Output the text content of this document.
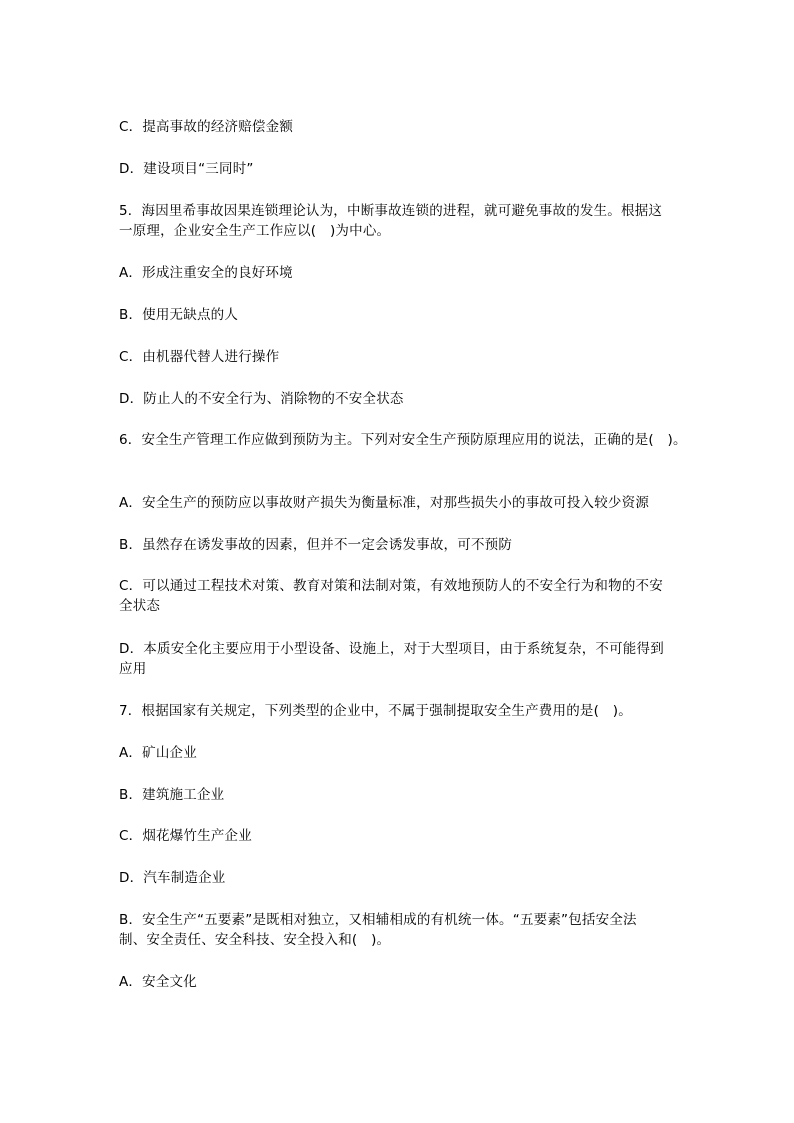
C．提高事故的经济赔偿金额
D．建设项目“三同时”
5．海因里希事故因果连锁理论认为，中断事故连锁的进程，就可避免事故的发生。根据这
一原理，企业安全生产工作应以(　)为中心。
A．形成注重安全的良好环境
B．使用无缺点的人
C．由机器代替人进行操作
D．防止人的不安全行为、消除物的不安全状态
6．安全生产管理工作应做到预防为主。下列对安全生产预防原理应用的说法，正确的是(　)。
A．安全生产的预防应以事故财产损失为衡量标准，对那些损失小的事故可投入较少资源
B．虽然存在诱发事故的因素，但并不一定会诱发事故，可不预防
C．可以通过工程技术对策、教育对策和法制对策，有效地预防人的不安全行为和物的不安
全状态
D．本质安全化主要应用于小型设备、设施上，对于大型项目，由于系统复杂，不可能得到
应用
7．根据国家有关规定，下列类型的企业中，不属于强制提取安全生产费用的是(　)。
A．矿山企业
B．建筑施工企业
C．烟花爆竹生产企业
D．汽车制造企业
B．安全生产“五要素”是既相对独立，又相辅相成的有机统一体。“五要素”包括安全法
制、安全责任、安全科技、安全投入和(　)。
A．安全文化
